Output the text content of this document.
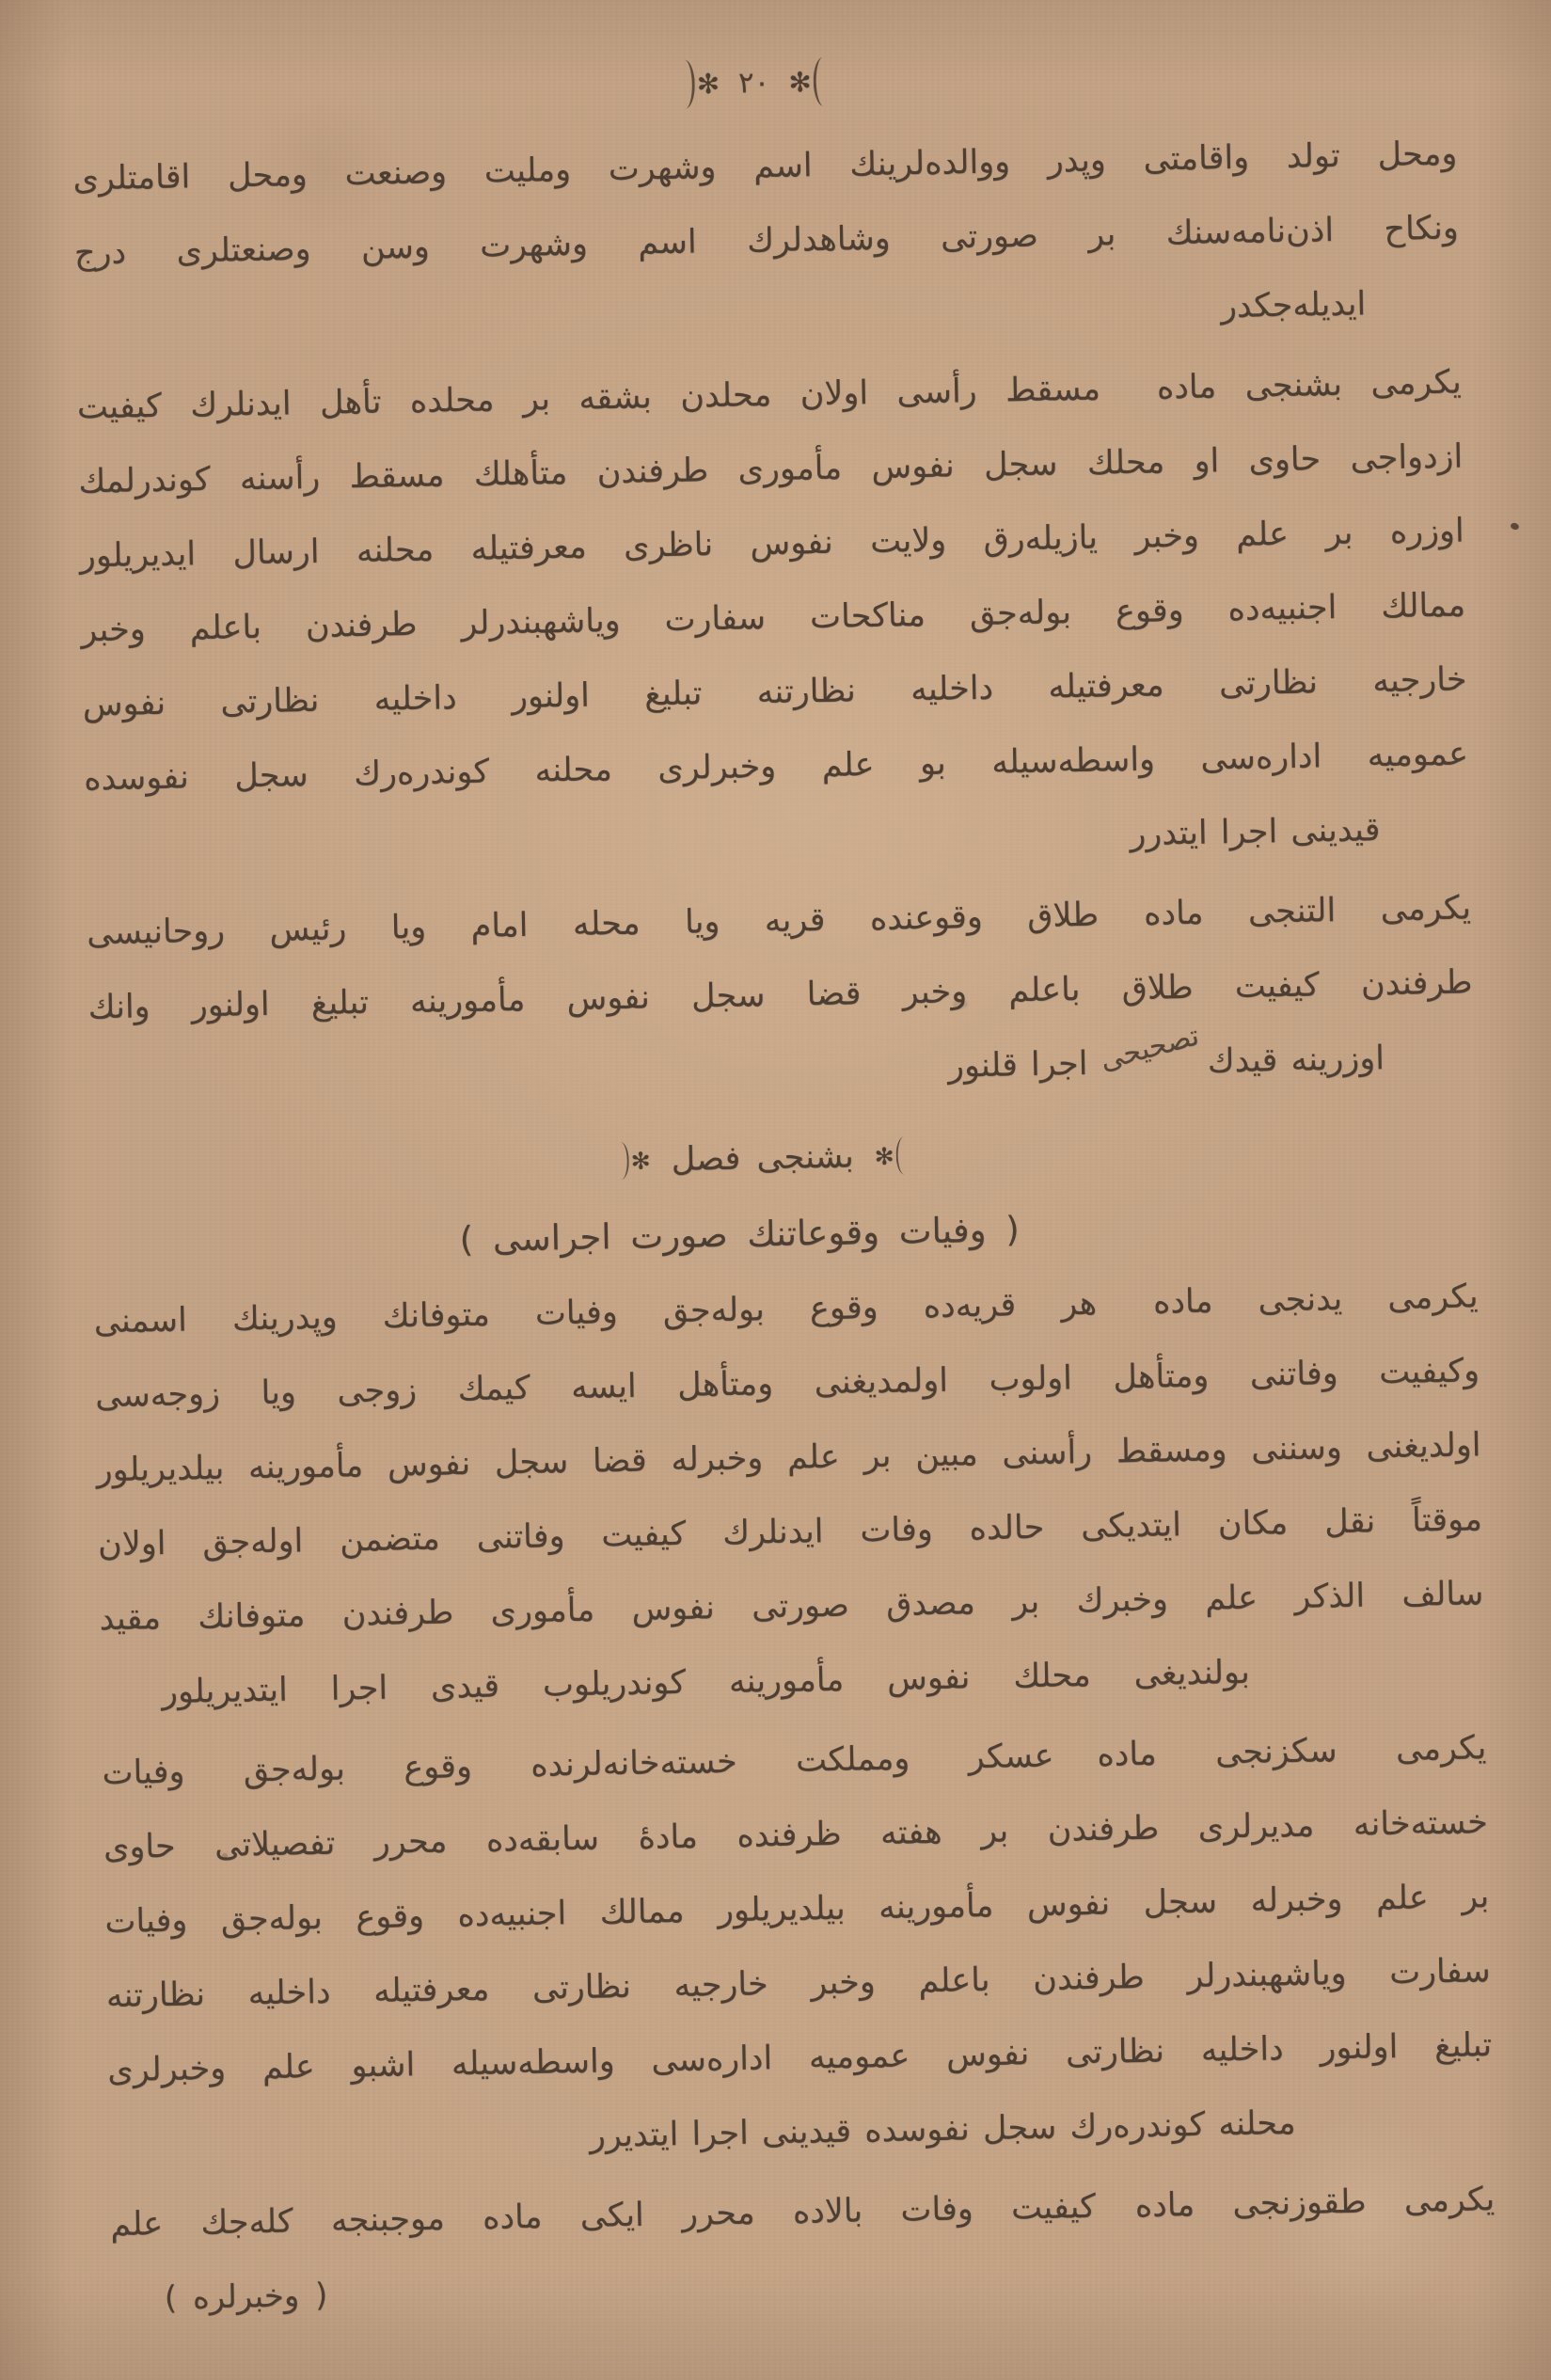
✻
٢٠
✻
ومحل تولد واقامتى وپدر ووالده‌لرينك اسم وشهرت ومليت وصنعت ومحل اقامتلرى
ونكاح اذن‌نامه‌سنك بر صورتى وشاهدلرك اسم وشهرت وسن وصنعتلرى درج
ايديله‌جكدر
يكرمى بشنجى مادهمسقط رأسى اولان محلدن بشقه بر محلده تأهل ايدنلرك كيفيت
ازدواجى حاوى او محلك سجل نفوس مأمورى طرفندن متأهلك مسقط رأسنه كوندرلمك
اوزره بر علم وخبر يازيله‌رق ولايت نفوس ناظرى معرفتيله محلنه ارسال ايديريلور
ممالك اجنبيه‌ده وقوع بوله‌جق مناكحات سفارت وياشهبندرلر طرفندن باعلم وخبر
خارجيه نظارتى معرفتيله داخليه نظارتنه تبليغ اولنور داخليه نظارتى نفوس
عموميه اداره‌سى واسطه‌سيله بو علم وخبرلرى محلنه كوندره‌رك سجل نفوسده
قيدينى اجرا ايتدرر
يكرمى التنجى مادهطلاق وقوعنده قريه ويا محله امام ويا رئيس روحانيسى
طرفندن كيفيت طلاق باعلم وخبر قضا سجل نفوس مأمورينه تبليغ اولنور وانك
اوزرينه قيدك تصحيحى اجرا قلنور
✻
بشنجى فصل
✻
( وفيات وقوعاتنك صورت اجراسى )
يكرمى يدنجى مادههر قريه‌ده وقوع بوله‌جق وفيات متوفانك وپدرينك اسمنى
وكيفيت وفاتنى ومتأهل اولوب اولمديغنى ومتأهل ايسه كيمك زوجى ويا زوجه‌سى
اولديغنى وسننى ومسقط رأسنى مبين بر علم وخبرله قضا سجل نفوس مأمورينه بيلديريلور
موقتاً نقل مكان ايتديكى حالده وفات ايدنلرك كيفيت وفاتنى متضمن اوله‌جق اولان
سالف الذكر علم وخبرك بر مصدق صورتى نفوس مأمورى طرفندن متوفانك مقيد
بولنديغى محلك نفوس مأمورينه كوندريلوب قيدى اجرا ايتديريلور
يكرمى سكزنجى مادهعسكر ومملكت خسته‌خانه‌لرنده وقوع بوله‌جق وفيات
خسته‌خانه مديرلرى طرفندن بر هفته ظرفنده مادۀ سابقه‌ده محرر تفصيلاتى حاوى
بر علم وخبرله سجل نفوس مأمورينه بيلديريلور ممالك اجنبيه‌ده وقوع بوله‌جق وفيات
سفارت وياشهبندرلر طرفندن باعلم وخبر خارجيه نظارتى معرفتيله داخليه نظارتنه
تبليغ اولنور داخليه نظارتى نفوس عموميه اداره‌سى واسطه‌سيله اشبو علم وخبرلرى
محلنه كوندره‌رك سجل نفوسده قيدينى اجرا ايتديرر
يكرمى طقوزنجى مادهكيفيت وفات بالاده محرر ايكى ماده موجبنجه كله‌جك علم
( وخبرلره )
